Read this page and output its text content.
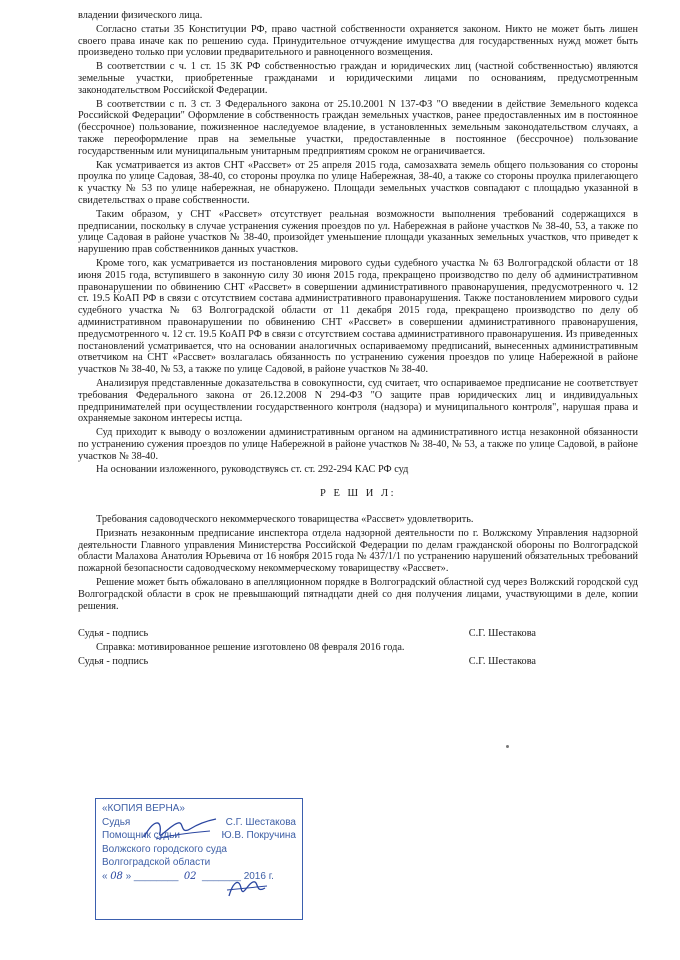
владении физического лица.

Согласно статьи 35 Конституции РФ, право частной собственности охраняется законом. Никто не может быть лишен своего права иначе как по решению суда. Принудительное отчуждение имущества для государственных нужд может быть произведено только при условии предварительного и равноценного возмещения.

В соответствии с ч. 1 ст. 15 ЗК РФ собственностью граждан и юридических лиц (частной собственностью) являются земельные участки, приобретенные гражданами и юридическими лицами по основаниям, предусмотренным законодательством Российской Федерации.

В соответствии с п. 3 ст. 3 Федерального закона от 25.10.2001 N 137-ФЗ "О введении в действие Земельного кодекса Российской Федерации" Оформление в собственность граждан земельных участков, ранее предоставленных им в постоянное (бессрочное) пользование, пожизненное наследуемое владение, в установленных земельным законодательством случаях, а также переоформление прав на земельные участки, предоставленные в постоянное (бессрочное) пользование государственным или муниципальным унитарным предприятиям сроком не ограничивается.

Как усматривается из актов СНТ «Рассвет» от 25 апреля 2015 года, самозахвата земель общего пользования со стороны проулка по улице Садовая, 38-40, со стороны проулка по улице Набережная, 38-40, а также со стороны проулка прилегающего к участку № 53 по улице набережная, не обнаружено. Площади земельных участков совпадают с площадью указанной в свидетельствах о праве собственности.

Таким образом, у СНТ «Рассвет» отсутствует реальная возможности выполнения требований содержащихся в предписании, поскольку в случае устранения сужения проездов по ул. Набережная в районе участков № 38-40, 53, а также по улице Садовая в районе участков № 38-40, произойдет уменьшение площади указанных земельных участков, что приведет к нарушению прав собственников данных участков.

Кроме того, как усматривается из постановления мирового судьи судебного участка № 63 Волгоградской области от 18 июня 2015 года, вступившего в законную силу 30 июня 2015 года, прекращено производство по делу об административном правонарушении по обвинению СНТ «Рассвет» в совершении административного правонарушения, предусмотренного ч. 12 ст. 19.5 КоАП РФ в связи с отсутствием состава административного правонарушения. Также постановлением мирового судьи судебного участка № 63 Волгоградской области от 11 декабря 2015 года, прекращено производство по делу об административном правонарушении по обвинению СНТ «Рассвет» в совершении административного правонарушения, предусмотренного ч. 12 ст. 19.5 КоАП РФ в связи с отсутствием состава административного правонарушения. Из приведенных постановлений усматривается, что на основании аналогичных оспариваемому предписаний, вынесенных административным ответчиком на СНТ «Рассвет» возлагалась обязанность по устранению сужения проездов по улице Набережной в районе участков № 38-40, № 53, а также по улице Садовой, в районе участков № 38-40.

Анализируя представленные доказательства в совокупности, суд считает, что оспариваемое предписание не соответствует требования Федерального закона от 26.12.2008 N 294-ФЗ "О защите прав юридических лиц и индивидуальных предпринимателей при осуществлении государственного контроля (надзора) и муниципального контроля", нарушая права и охраняемые законом интересы истца.

Суд приходит к выводу о возложении административным органом на административного истца незаконной обязанности по устранению сужения проездов по улице Набережной в районе участков № 38-40, № 53, а также по улице Садовой, в районе участков № 38-40.

На основании изложенного, руководствуясь ст. ст. 292-294 КАС РФ суд

Р Е Ш И Л:

Требования садоводческого некоммерческого товарищества «Рассвет» удовлетворить.

Признать незаконным предписание инспектора отдела надзорной деятельности по г. Волжскому Управления надзорной деятельности Главного управления Министерства Российской Федерации по делам гражданской обороны по Волгоградской области Малахова Анатолия Юрьевича от 16 ноября 2015 года № 437/1/1 по устранению нарушений обязательных требований пожарной безопасности садоводческому некоммерческому товариществу «Рассвет».

Решение может быть обжаловано в апелляционном порядке в Волгоградский областной суд через Волжский городской суд Волгоградской области в срок не превышающий пятнадцати дней со дня получения лицами, участвующими в деле, копии решения.

Судья - подпись	С.Г. Шестакова

Справка: мотивированное решение изготовлено 08 февраля 2016 года.

Судья - подпись	С.Г. Шестакова
«КОПИЯ ВЕРНА»
Судья	С.Г. Шестакова
Помощник судьи	Ю.В. Покручина
Волжского городского суда
Волгоградской области
« 08 » ________ 02 _______ 2016 г.
